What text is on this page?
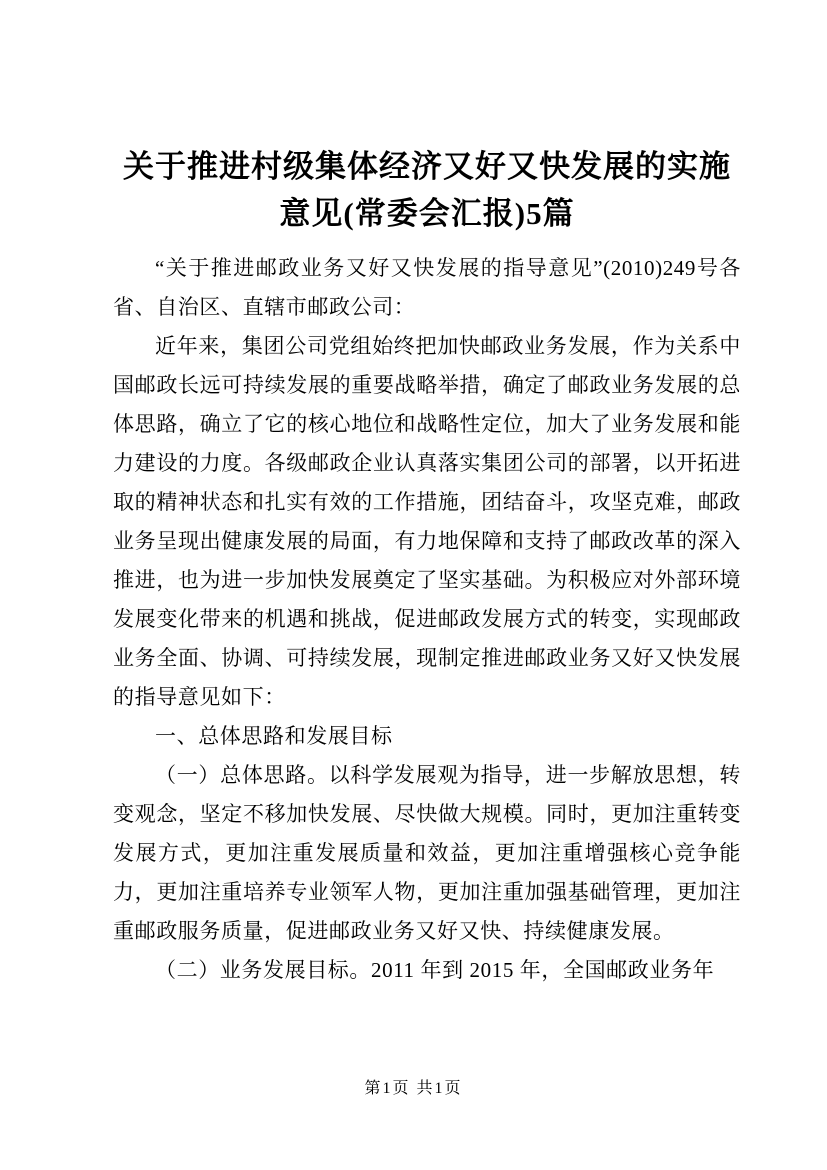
关于推进村级集体经济又好又快发展的实施意见(常委会汇报)5篇

“关于推进邮政业务又好又快发展的指导意见”(2010)249号各省、自治区、直辖市邮政公司：

近年来，集团公司党组始终把加快邮政业务发展，作为关系中国邮政长远可持续发展的重要战略举措，确定了邮政业务发展的总体思路，确立了它的核心地位和战略性定位，加大了业务发展和能力建设的力度。各级邮政企业认真落实集团公司的部署，以开拓进取的精神状态和扎实有效的工作措施，团结奋斗，攻坚克难，邮政业务呈现出健康发展的局面，有力地保障和支持了邮政改革的深入推进，也为进一步加快发展奠定了坚实基础。为积极应对外部环境发展变化带来的机遇和挑战，促进邮政发展方式的转变，实现邮政业务全面、协调、可持续发展，现制定推进邮政业务又好又快发展的指导意见如下：

一、总体思路和发展目标

（一）总体思路。以科学发展观为指导，进一步解放思想，转变观念，坚定不移加快发展、尽快做大规模。同时，更加注重转变发展方式，更加注重发展质量和效益，更加注重增强核心竞争能力，更加注重培养专业领军人物，更加注重加强基础管理，更加注重邮政服务质量，促进邮政业务又好又快、持续健康发展。

（二）业务发展目标。2011 年到 2015 年，全国邮政业务年

第1页 共1页
